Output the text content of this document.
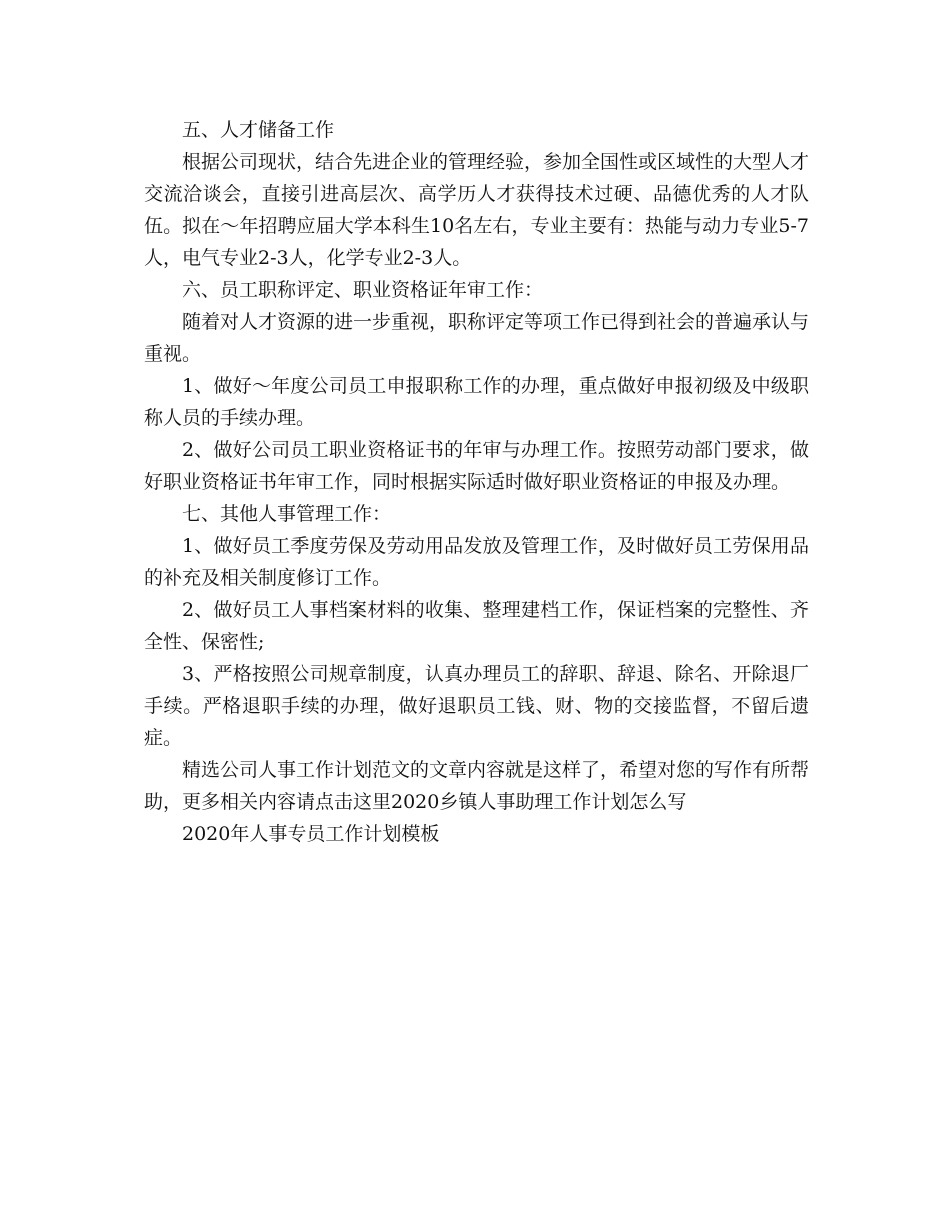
五、人才储备工作

根据公司现状，结合先进企业的管理经验，参加全国性或区域性的大型人才交流洽谈会，直接引进高层次、高学历人才获得技术过硬、品德优秀的人才队伍。拟在～年招聘应届大学本科生10名左右，专业主要有：热能与动力专业5-7人，电气专业2-3人，化学专业2-3人。

六、员工职称评定、职业资格证年审工作：

随着对人才资源的进一步重视，职称评定等项工作已得到社会的普遍承认与重视。

1、做好～年度公司员工申报职称工作的办理，重点做好申报初级及中级职称人员的手续办理。

2、做好公司员工职业资格证书的年审与办理工作。按照劳动部门要求，做好职业资格证书年审工作，同时根据实际适时做好职业资格证的申报及办理。

七、其他人事管理工作：

1、做好员工季度劳保及劳动用品发放及管理工作，及时做好员工劳保用品的补充及相关制度修订工作。

2、做好员工人事档案材料的收集、整理建档工作，保证档案的完整性、齐全性、保密性;

3、严格按照公司规章制度，认真办理员工的辞职、辞退、除名、开除退厂手续。严格退职手续的办理，做好退职员工钱、财、物的交接监督，不留后遗症。

精选公司人事工作计划范文的文章内容就是这样了，希望对您的写作有所帮助，更多相关内容请点击这里2020乡镇人事助理工作计划怎么写

2020年人事专员工作计划模板
